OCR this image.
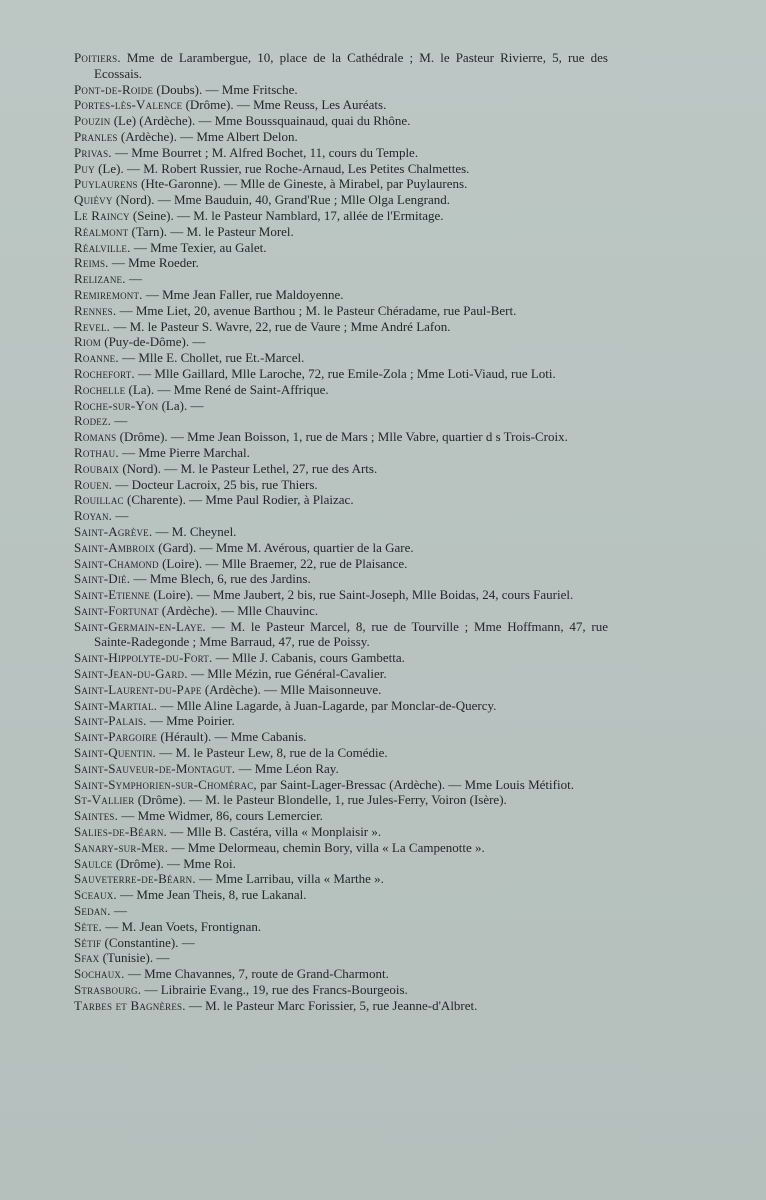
Poitiers. Mme de Larambergue, 10, place de la Cathédrale ; M. le Pasteur Rivierre, 5, rue des Ecossais.
Pont-de-Roide (Doubs). — Mme Fritsche.
Portes-lès-Valence (Drôme). — Mme Reuss, Les Auréats.
Pouzin (Le) (Ardèche). — Mme Boussquainaud, quai du Rhône.
Pranles (Ardèche). — Mme Albert Delon.
Privas. — Mme Bourret ; M. Alfred Bochet, 11, cours du Temple.
Puy (Le). — M. Robert Russier, rue Roche-Arnaud, Les Petites Chalmettes.
Puylaurens (Hte-Garonne). — Mlle de Gineste, à Mirabel, par Puylaurens.
Quiévy (Nord). — Mme Bauduin, 40, Grand'Rue ; Mlle Olga Lengrand.
Le Raincy (Seine). — M. le Pasteur Namblard, 17, allée de l'Ermitage.
Réalmont (Tarn). — M. le Pasteur Morel.
Réalville. — Mme Texier, au Galet.
Reims. — Mme Roeder.
Relizane. —
Remiremont. — Mme Jean Faller, rue Maldoyenne.
Rennes. — Mme Liet, 20, avenue Barthou ; M. le Pasteur Chéradame, rue Paul-Bert.
Revel. — M. le Pasteur S. Wavre, 22, rue de Vaure ; Mme André Lafon.
Riom (Puy-de-Dôme). —
Roanne. — Mlle E. Chollet, rue Et.-Marcel.
Rochefort. — Mlle Gaillard, Mlle Laroche, 72, rue Emile-Zola ; Mme Loti-Viaud, rue Loti.
Rochelle (La). — Mme René de Saint-Affrique.
Roche-sur-Yon (La). —
Rodez. —
Romans (Drôme). — Mme Jean Boisson, 1, rue de Mars ; Mlle Vabre, quartier d s Trois-Croix.
Rothau. — Mme Pierre Marchal.
Roubaix (Nord). — M. le Pasteur Lethel, 27, rue des Arts.
Rouen. — Docteur Lacroix, 25 bis, rue Thiers.
Rouillac (Charente). — Mme Paul Rodier, à Plaizac.
Royan. —
Saint-Agrève. — M. Cheynel.
Saint-Ambroix (Gard). — Mme M. Avérous, quartier de la Gare.
Saint-Chamond (Loire). — Mlle Braemer, 22, rue de Plaisance.
Saint-Dié. — Mme Blech, 6, rue des Jardins.
Saint-Etienne (Loire). — Mme Jaubert, 2 bis, rue Saint-Joseph, Mlle Boidas, 24, cours Fauriel.
Saint-Fortunat (Ardèche). — Mlle Chauvinc.
Saint-Germain-en-Laye. — M. le Pasteur Marcel, 8, rue de Tourville ; Mme Hoffmann, 47, rue Sainte-Radegonde ; Mme Barraud, 47, rue de Poissy.
Saint-Hippolyte-du-Fort. — Mlle J. Cabanis, cours Gambetta.
Saint-Jean-du-Gard. — Mlle Mézin, rue Général-Cavalier.
Saint-Laurent-du-Pape (Ardèche). — Mlle Maisonneuve.
Saint-Martial. — Mlle Aline Lagarde, à Juan-Lagarde, par Monclar-de-Quercy.
Saint-Palais. — Mme Poirier.
Saint-Pargoire (Hérault). — Mme Cabanis.
Saint-Quentin. — M. le Pasteur Lew, 8, rue de la Comédie.
Saint-Sauveur-de-Montagut. — Mme Léon Ray.
Saint-Symphorien-sur-Chomérac, par Saint-Lager-Bressac (Ardèche). — Mme Louis Métifiot.
St-Vallier (Drôme). — M. le Pasteur Blondelle, 1, rue Jules-Ferry, Voiron (Isère).
Saintes. — Mme Widmer, 86, cours Lemercier.
Salies-de-Béarn. — Mlle B. Castéra, villa « Monplaisir ».
Sanary-sur-Mer. — Mme Delormeau, chemin Bory, villa « La Campenotte ».
Saulce (Drôme). — Mme Roi.
Sauveterre-de-Béarn. — Mme Larribau, villa « Marthe ».
Sceaux. — Mme Jean Theis, 8, rue Lakanal.
Sedan. —
Sète. — M. Jean Voets, Frontignan.
Sétif (Constantine). —
Sfax (Tunisie). —
Sochaux. — Mme Chavannes, 7, route de Grand-Charmont.
Strasbourg. — Librairie Evang., 19, rue des Francs-Bourgeois.
Tarbes et Bagnères. — M. le Pasteur Marc Forissier, 5, rue Jeanne-d'Albret.
